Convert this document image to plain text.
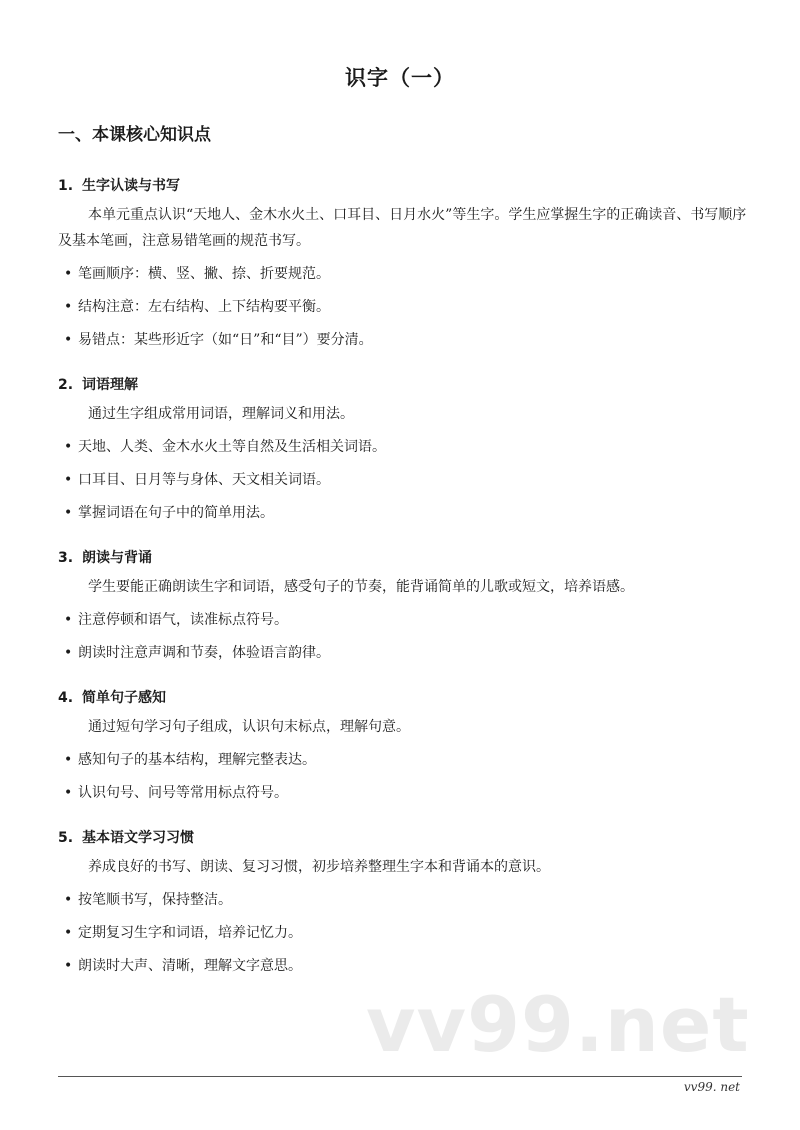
识字（一）
一、本课核心知识点
1. 生字认读与书写

本单元重点认识“天地人、金木水火土、口耳目、日月水火”等生字。学生应掌握生字的正确读音、书写顺序及基本笔画，注意易错笔画的规范书写。

• 笔画顺序：横、竖、撇、捺、折要规范。
• 结构注意：左右结构、上下结构要平衡。
• 易错点：某些形近字（如“日”和“目”）要分清。
2. 词语理解

通过生字组成常用词语，理解词义和用法。

• 天地、人类、金木水火土等自然及生活相关词语。
• 口耳目、日月等与身体、天文相关词语。
• 掌握词语在句子中的简单用法。
3. 朗读与背诵

学生要能正确朗读生字和词语，感受句子的节奏，能背诵简单的儿歌或短文，培养语感。

• 注意停顿和语气，读准标点符号。
• 朗读时注意声调和节奏，体验语言韵律。
4. 简单句子感知

通过短句学习句子组成，认识句末标点，理解句意。

• 感知句子的基本结构，理解完整表达。
• 认识句号、问号等常用标点符号。
5. 基本语文学习习惯

养成良好的书写、朗读、复习习惯，初步培养整理生字本和背诵本的意识。

• 按笔顺书写，保持整洁。
• 定期复习生字和词语，培养记忆力。
• 朗读时大声、清晰，理解文字意思。
vv99.net
vv99. net
